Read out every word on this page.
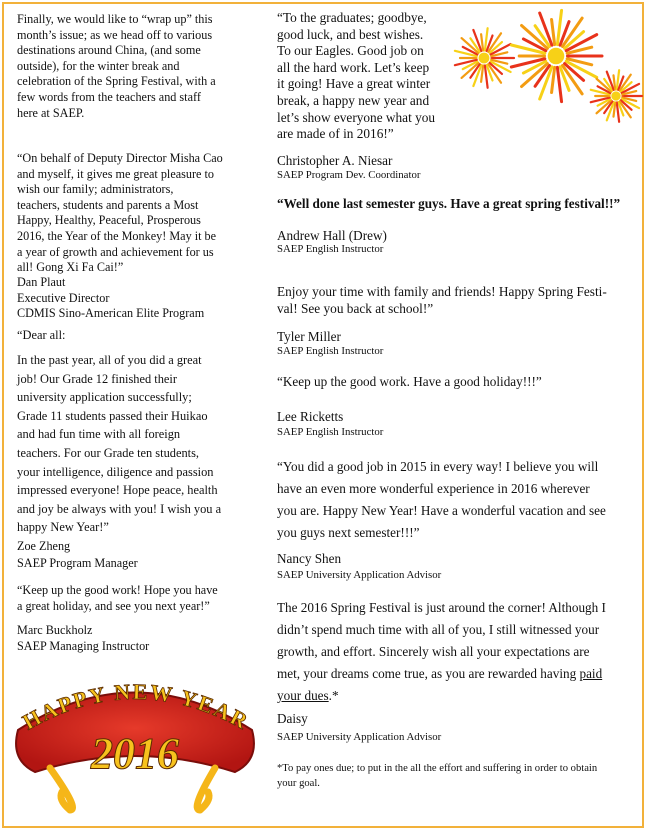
Finally, we would like to “wrap up” this
month’s issue; as we head off to various
destinations around China, (and some
outside), for the winter break and
celebration of the Spring Festival, with a
few words from the teachers and staff
here at SAEP.

“On behalf of Deputy Director Misha Cao
and myself, it gives me great pleasure to
wish our family; administrators,
teachers, students and parents a Most
Happy, Healthy, Peaceful, Prosperous
2016, the Year of the Monkey! May it be
a year of growth and achievement for us
all! Gong Xi Fa Cai!”

Dan Plaut
Executive Director
CDMIS Sino-American Elite Program

“Dear all:

In the past year, all of you did a great
job! Our Grade 12 finished their
university application successfully;
Grade 11 students passed their Huikao
and had fun time with all foreign
teachers. For our Grade ten students,
your intelligence, diligence and passion
impressed everyone! Hope peace, health
and joy be always with you! I wish you a
happy New Year!”

Zoe Zheng

SAEP Program Manager

“Keep up the good work! Hope you have
a great holiday, and see you next year!”

Marc Buckholz
SAEP Managing Instructor

HAPPY NEW YEAR
2016

“To the graduates; goodbye,
good luck, and best wishes.
To our Eagles. Good job on
all the hard work. Let’s keep
it going! Have a great winter
break, a happy new year and
let’s show everyone what you
are made of in 2016!”

Christopher A. Niesar

SAEP Program Dev. Coordinator

“Well done last semester guys. Have a great spring festival!!”

Andrew Hall (Drew)

SAEP English Instructor

Enjoy your time with family and friends! Happy Spring Festi-
val! See you back at school!”

Tyler Miller

SAEP English Instructor

“Keep up the good work. Have a good holiday!!!”

Lee Ricketts

SAEP English Instructor

“You did a good job in 2015 in every way! I believe you will
have an even more wonderful experience in 2016 wherever
you are. Happy New Year! Have a wonderful vacation and see
you guys next semester!!!”

Nancy Shen

SAEP University Application Advisor

The 2016 Spring Festival is just around the corner! Although I
didn’t spend much time with all of you, I still witnessed your
growth, and effort. Sincerely wish all your expectations are
met, your dreams come true, as you are rewarded having paid
your dues.*

Daisy

SAEP University Application Advisor

*To pay ones due; to put in the all the effort and suffering in order to obtain
your goal.
